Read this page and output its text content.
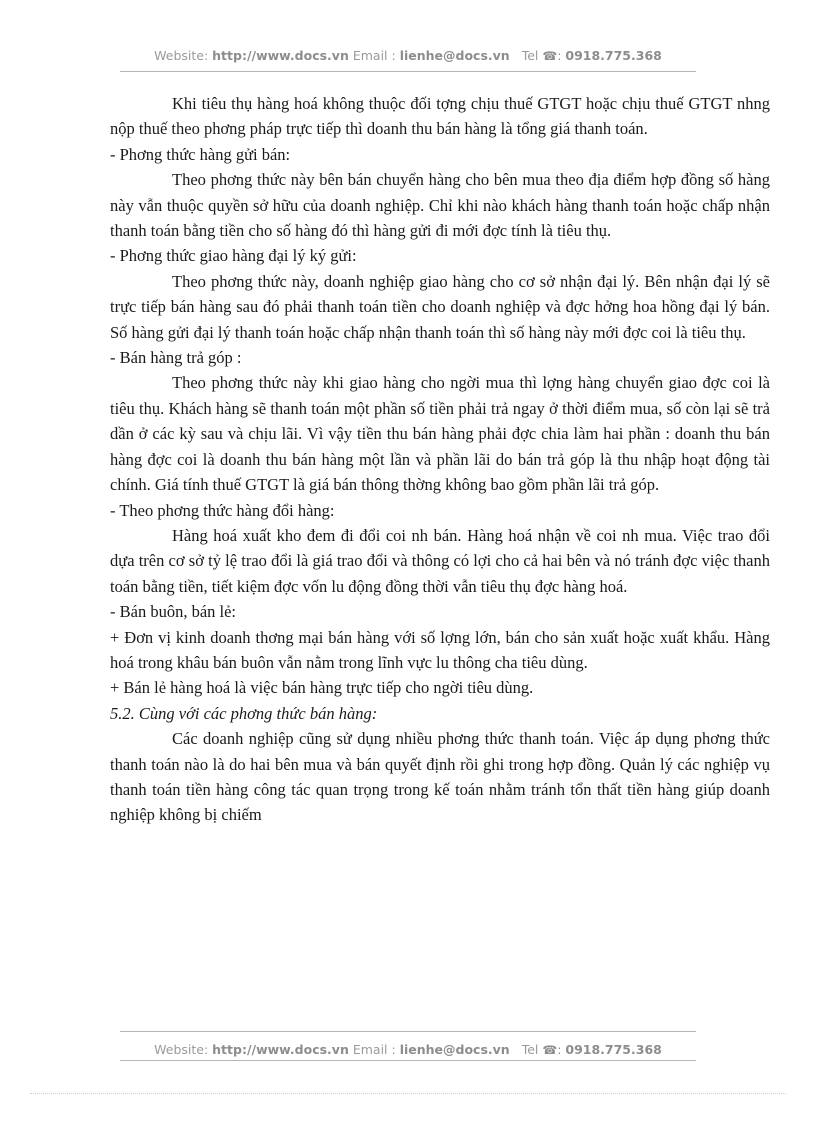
Website: http://www.docs.vn Email : lienhe@docs.vn Tel ☎: 0918.775.368

Khi tiêu thụ hàng hoá không thuộc đối tợng chịu thuế GTGT hoặc chịu thuế GTGT nhng nộp thuế theo phơng pháp trực tiếp thì doanh thu bán hàng là tổng giá thanh toán.

- Phơng thức hàng gửi bán:

Theo phơng thức này bên bán chuyển hàng cho bên mua theo địa điểm hợp đồng số hàng này vẫn thuộc quyền sở hữu của doanh nghiệp. Chỉ khi nào khách hàng thanh toán hoặc chấp nhận thanh toán bằng tiền cho số hàng đó thì hàng gửi đi mới đợc tính là tiêu thụ.

- Phơng thức giao hàng đại lý ký gửi:

Theo phơng thức này, doanh nghiệp giao hàng cho cơ sở nhận đại lý. Bên nhận đại lý sẽ trực tiếp bán hàng sau đó phải thanh toán tiền cho doanh nghiệp và đợc hởng hoa hồng đại lý bán. Số hàng gửi đại lý thanh toán hoặc chấp nhận thanh toán thì số hàng này mới đợc coi là tiêu thụ.

- Bán hàng trả góp :

Theo phơng thức này khi giao hàng cho ngời mua thì lợng hàng chuyển giao đợc coi là tiêu thụ. Khách hàng sẽ thanh toán một phần số tiền phải trả ngay ở thời điểm mua, số còn lại sẽ trả dần ở các kỳ sau và chịu lãi. Vì vậy tiền thu bán hàng phải đợc chia làm hai phần : doanh thu bán hàng đợc coi là doanh thu bán hàng một lần và phần lãi do bán trả góp là thu nhập hoạt động tài chính. Giá tính thuế GTGT là giá bán thông thờng không bao gồm phần lãi trả góp.

- Theo phơng thức hàng đổi hàng:

Hàng hoá xuất kho đem đi đổi coi nh bán. Hàng hoá nhận về coi nh mua. Việc trao đổi dựa trên cơ sở tỷ lệ trao đổi là giá trao đổi và thông có lợi cho cả hai bên và nó tránh đợc việc thanh toán bằng tiền, tiết kiệm đợc vốn lu động đồng thời vẫn tiêu thụ đợc hàng hoá.

- Bán buôn, bán lẻ:

+ Đơn vị kinh doanh thơng mại bán hàng với số lợng lớn, bán cho sản xuất hoặc xuất khẩu. Hàng hoá trong khâu bán buôn vẫn nằm trong lĩnh vực lu thông cha tiêu dùng.

+ Bán lẻ hàng hoá là việc bán hàng trực tiếp cho ngời tiêu dùng.

5.2. Cùng với các phơng thức bán hàng:

Các doanh nghiệp cũng sử dụng nhiều phơng thức thanh toán. Việc áp dụng phơng thức thanh toán nào là do hai bên mua và bán quyết định rồi ghi trong hợp đồng. Quản lý các nghiệp vụ thanh toán tiền hàng công tác quan trọng trong kế toán nhằm tránh tổn thất tiền hàng giúp doanh nghiệp không bị chiếm

Website: http://www.docs.vn Email : lienhe@docs.vn Tel ☎: 0918.775.368
